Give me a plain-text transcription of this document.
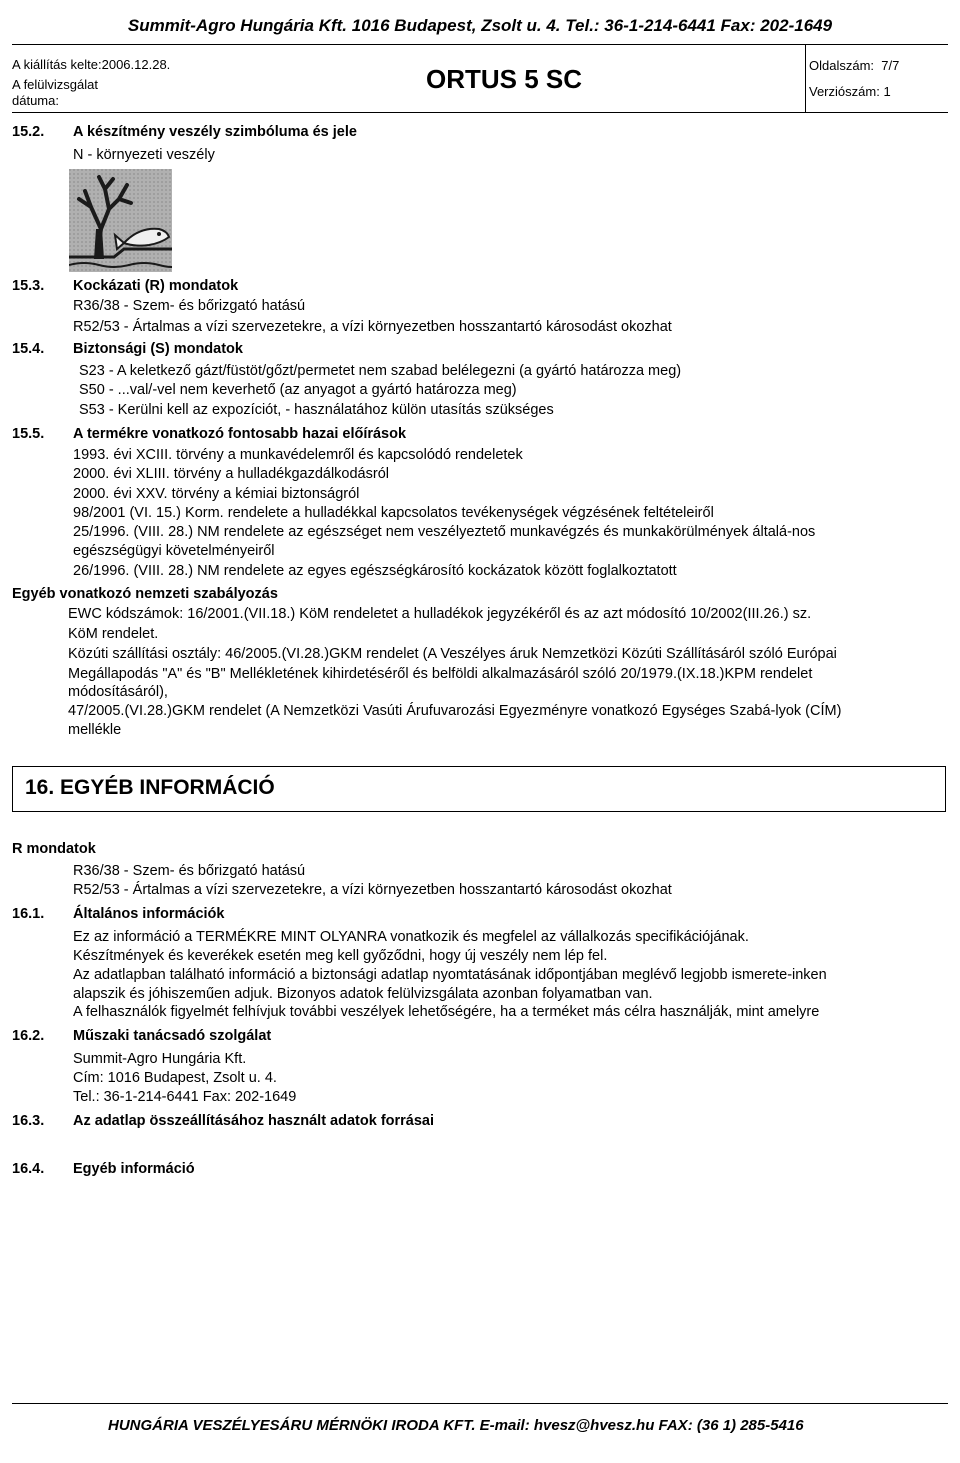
Summit-Agro Hungária Kft. 1016 Budapest, Zsolt u. 4. Tel.: 36-1-214-6441 Fax: 202-1649
A kiállítás kelte:2006.12.28.
A felülvizsgálat
dátuma:
ORTUS 5 SC	Oldalszám: 7/7
Verziószám: 1
15.2. A készítmény veszély szimbóluma és jele
N - környezeti veszély
15.3. Kockázati (R) mondatok
R36/38 - Szem- és bőrizgató hatású
R52/53 - Ártalmas a vízi szervezetekre, a vízi környezetben hosszantartó károsodást okozhat
15.4. Biztonsági (S) mondatok
S23 - A keletkező gázt/füstöt/gőzt/permetet nem szabad belélegezni (a gyártó határozza meg)
S50 - ...val/-vel nem keverhető (az anyagot a gyártó határozza meg)
S53 - Kerülni kell az expozíciót, - használatához külön utasítás szükséges
15.5. A termékre vonatkozó fontosabb hazai előírások
1993. évi XCIII. törvény a munkavédelemről és kapcsolódó rendeletek
2000. évi XLIII. törvény a hulladékgazdálkodásról
2000. évi XXV. törvény a kémiai biztonságról
98/2001 (VI. 15.) Korm. rendelete a hulladékkal kapcsolatos tevékenységek végzésének feltételeiről
25/1996. (VIII. 28.) NM rendelete az egészséget nem veszélyeztető munkavégzés és munkakörülmények általá-nos
egészségügyi követelményeiről
26/1996. (VIII. 28.) NM rendelete az egyes egészségkárosító kockázatok között foglalkoztatott
Egyéb vonatkozó nemzeti szabályozás
EWC kódszámok: 16/2001.(VII.18.) KöM rendeletet a hulladékok jegyzékéről és az azt módosító 10/2002(III.26.) sz.
KöM rendelet.
Közúti szállítási osztály: 46/2005.(VI.28.)GKM rendelet (A Veszélyes áruk Nemzetközi Közúti Szállításáról szóló Európai
Megállapodás "A" és "B" Mellékletének kihirdetéséről és belföldi alkalmazásáról szóló 20/1979.(IX.18.)KPM rendelet
módosításáról),
47/2005.(VI.28.)GKM rendelet (A Nemzetközi Vasúti Árufuvarozási Egyezményre vonatkozó Egységes Szabá-lyok (CÍM)
mellékle
16. EGYÉB INFORMÁCIÓ
R mondatok
R36/38 - Szem- és bőrizgató hatású
R52/53 - Ártalmas a vízi szervezetekre, a vízi környezetben hosszantartó károsodást okozhat
16.1. Általános információk
Ez az információ a TERMÉKRE MINT OLYANRA vonatkozik és megfelel az vállalkozás specifikációjának.
Készítmények és keverékek esetén meg kell győződni, hogy új veszély nem lép fel.
Az adatlapban található információ a biztonsági adatlap nyomtatásának időpontjában meglévő legjobb ismerete-inken
alapszik és jóhiszeműen adjuk. Bizonyos adatok felülvizsgálata azonban folyamatban van.
A felhasználók figyelmét felhívjuk további veszélyek lehetőségére, ha a terméket más célra használják, mint amelyre
16.2. Műszaki tanácsadó szolgálat
Summit-Agro Hungária Kft.
Cím: 1016 Budapest, Zsolt u. 4.
Tel.: 36-1-214-6441 Fax: 202-1649
16.3. Az adatlap összeállításához használt adatok forrásai
16.4. Egyéb információ
HUNGÁRIA VESZÉLYESÁRU MÉRNÖKI IRODA KFT. E-mail: hvesz@hvesz.hu FAX: (36 1) 285-5416
